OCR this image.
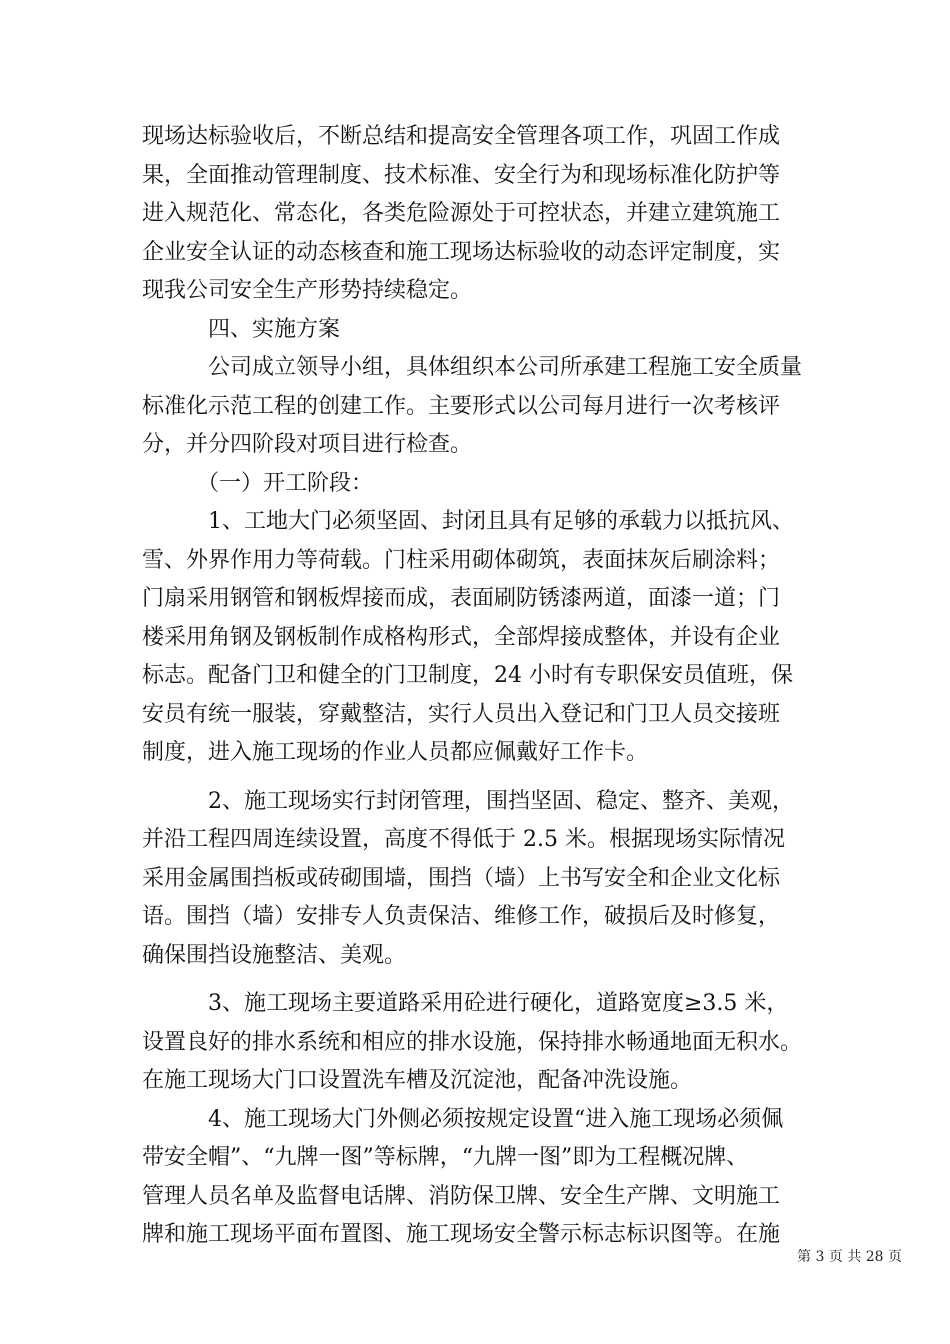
现场达标验收后，不断总结和提高安全管理各项工作，巩固工作成
果，全面推动管理制度、技术标准、安全行为和现场标准化防护等
进入规范化、常态化，各类危险源处于可控状态，并建立建筑施工
企业安全认证的动态核查和施工现场达标验收的动态评定制度，实
现我公司安全生产形势持续稳定。
　　　四、实施方案
　　　公司成立领导小组，具体组织本公司所承建工程施工安全质量
标准化示范工程的创建工作。主要形式以公司每月进行一次考核评
分，并分四阶段对项目进行检查。
　　　（一）开工阶段：
　　　1、工地大门必须坚固、封闭且具有足够的承载力以抵抗风、
雪、外界作用力等荷载。门柱采用砌体砌筑，表面抹灰后刷涂料；
门扇采用钢管和钢板焊接而成，表面刷防锈漆两道，面漆一道；门
楼采用角钢及钢板制作成格构形式，全部焊接成整体，并设有企业
标志。配备门卫和健全的门卫制度，24 小时有专职保安员值班，保
安员有统一服装，穿戴整洁，实行人员出入登记和门卫人员交接班
制度，进入施工现场的作业人员都应佩戴好工作卡。
　　　2、施工现场实行封闭管理，围挡坚固、稳定、整齐、美观，
并沿工程四周连续设置，高度不得低于 2.5 米。根据现场实际情况
采用金属围挡板或砖砌围墙，围挡（墙）上书写安全和企业文化标
语。围挡（墙）安排专人负责保洁、维修工作，破损后及时修复，
确保围挡设施整洁、美观。
　　　3、施工现场主要道路采用砼进行硬化，道路宽度≥3.5 米，
设置良好的排水系统和相应的排水设施，保持排水畅通地面无积水。
在施工现场大门口设置洗车槽及沉淀池，配备冲洗设施。
　　　4、施工现场大门外侧必须按规定设置“进入施工现场必须佩
带安全帽”、“九牌一图”等标牌，“九牌一图”即为工程概况牌、
管理人员名单及监督电话牌、消防保卫牌、安全生产牌、文明施工
牌和施工现场平面布置图、施工现场安全警示标志标识图等。在施
第 3 页 共 28 页
